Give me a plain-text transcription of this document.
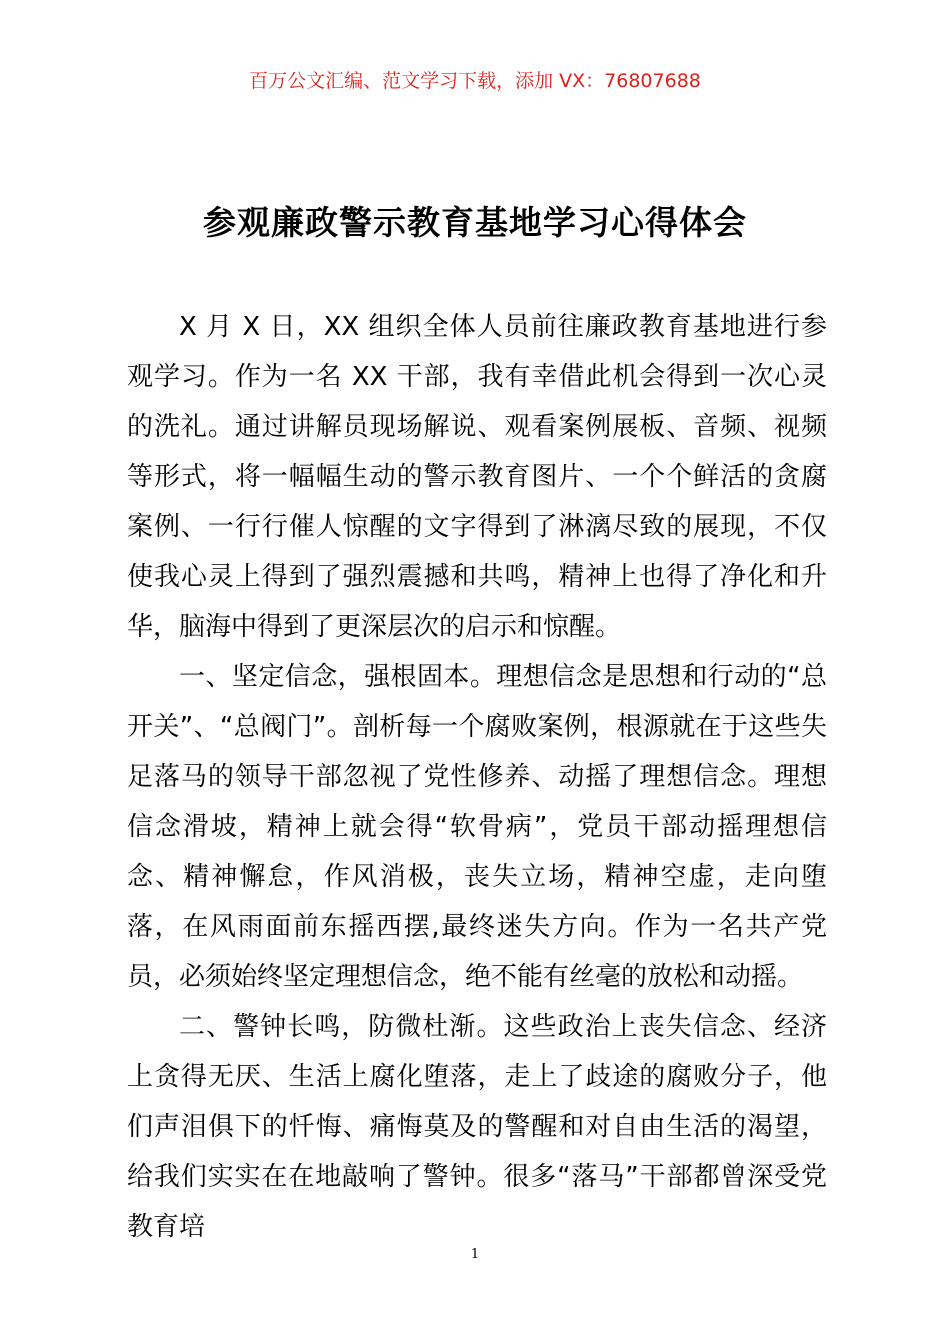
百万公文汇编、范文学习下载，添加 VX：76807688
参观廉政警示教育基地学习心得体会

X 月 X 日，XX 组织全体人员前往廉政教育基地进行参观学习。作为一名 XX 干部，我有幸借此机会得到一次心灵的洗礼。通过讲解员现场解说、观看案例展板、音频、视频等形式，将一幅幅生动的警示教育图片、一个个鲜活的贪腐案例、一行行催人惊醒的文字得到了淋漓尽致的展现，不仅使我心灵上得到了强烈震撼和共鸣，精神上也得了净化和升华，脑海中得到了更深层次的启示和惊醒。

一、坚定信念，强根固本。理想信念是思想和行动的“总开关”、“总阀门”。剖析每一个腐败案例，根源就在于这些失足落马的领导干部忽视了党性修养、动摇了理想信念。理想信念滑坡，精神上就会得“软骨病”，党员干部动摇理想信念、精神懈怠，作风消极，丧失立场，精神空虚，走向堕落，在风雨面前东摇西摆,最终迷失方向。作为一名共产党员，必须始终坚定理想信念，绝不能有丝毫的放松和动摇。

二、警钟长鸣，防微杜渐。这些政治上丧失信念、经济上贪得无厌、生活上腐化堕落，走上了歧途的腐败分子，他们声泪俱下的忏悔、痛悔莫及的警醒和对自由生活的渴望，给我们实实在在地敲响了警钟。很多“落马”干部都曾深受党教育培

1
